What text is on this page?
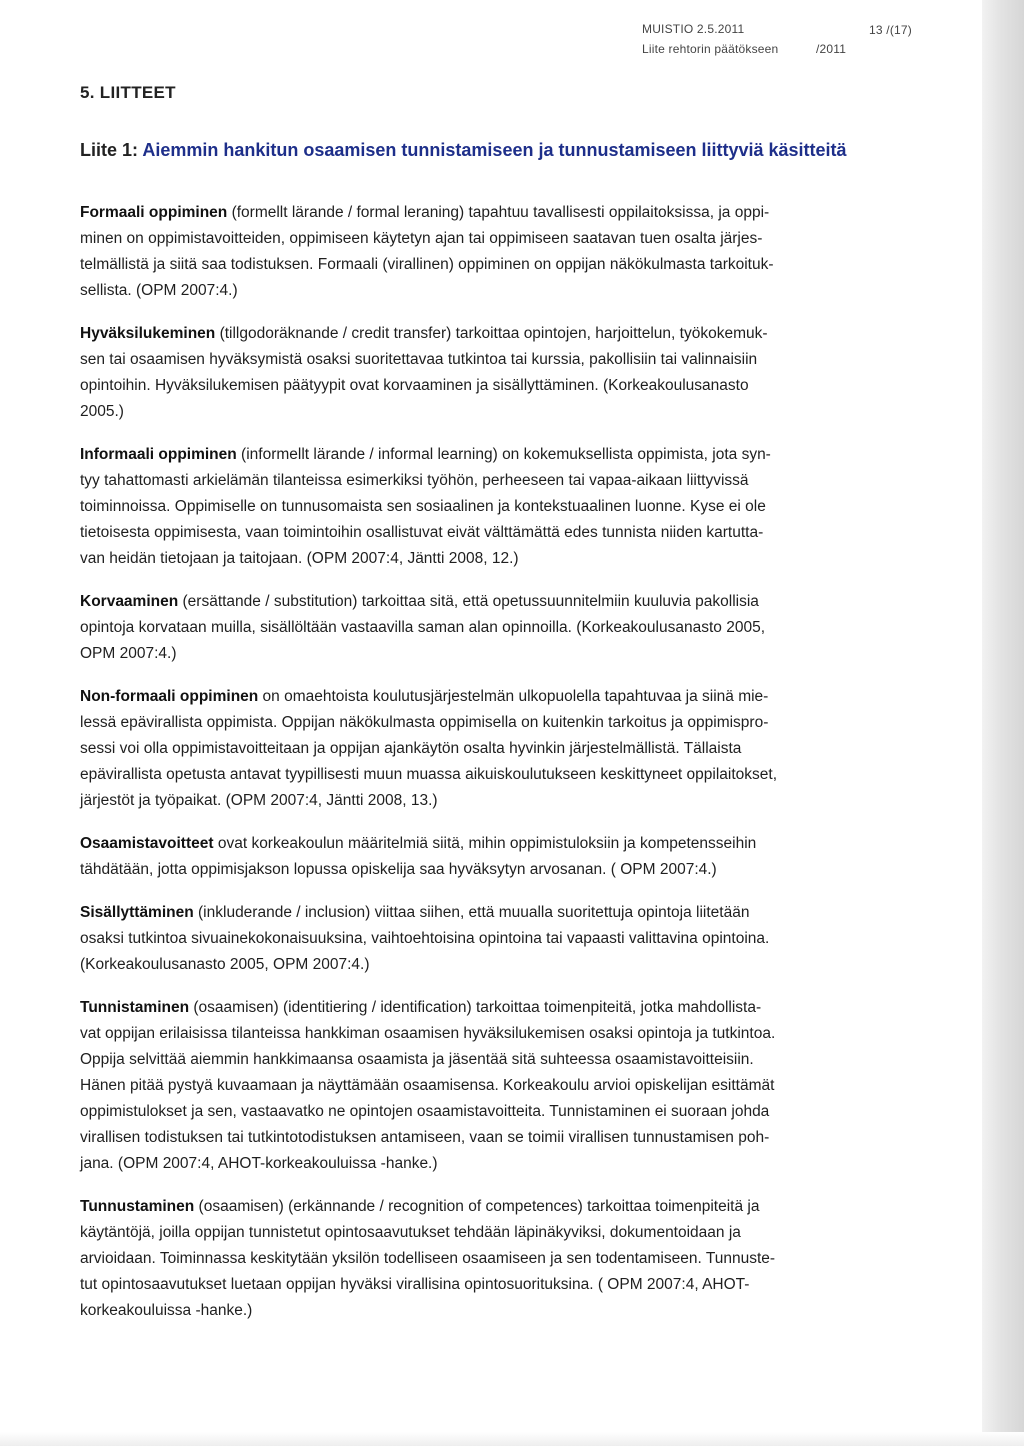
MUISTIO 2.5.2011	13 /(17)
Liite rehtorin päätökseen	/2011
5. LIITTEET
Liite 1: Aiemmin hankitun osaamisen tunnistamiseen ja tunnustamiseen liittyviä käsitteitä

Formaali oppiminen (formellt lärande / formal leraning) tapahtuu tavallisesti oppilaitoksissa, ja oppi-
minen on oppimistavoitteiden, oppimiseen käytetyn ajan tai oppimiseen saatavan tuen osalta järjes-
telmällistä ja siitä saa todistuksen. Formaali (virallinen) oppiminen on oppijan näkökulmasta tarkoituk-
sellista. (OPM 2007:4.)

Hyväksilukeminen (tillgodoräknande / credit transfer) tarkoittaa opintojen, harjoittelun, työkokemuk-
sen tai osaamisen hyväksymistä osaksi suoritettavaa tutkintoa tai kurssia, pakollisiin tai valinnaisiin
opintoihin. Hyväksilukemisen päätyypit ovat korvaaminen ja sisällyttäminen. (Korkeakoulusanasto
2005.)

Informaali oppiminen (informellt lärande / informal learning) on kokemuksellista oppimista, jota syn-
tyy tahattomasti arkielämän tilanteissa esimerkiksi työhön, perheeseen tai vapaa-aikaan liittyvissä
toiminnoissa. Oppimiselle on tunnusomaista sen sosiaalinen ja kontekstuaalinen luonne. Kyse ei ole
tietoisesta oppimisesta, vaan toimintoihin osallistuvat eivät välttämättä edes tunnista niiden kartutta-
van heidän tietojaan ja taitojaan. (OPM 2007:4, Jäntti 2008, 12.)

Korvaaminen (ersättande / substitution) tarkoittaa sitä, että opetussuunnitelmiin kuuluvia pakollisia
opintoja korvataan muilla, sisällöltään vastaavilla saman alan opinnoilla. (Korkeakoulusanasto 2005,
OPM 2007:4.)

Non-formaali oppiminen on omaehtoista koulutusjärjestelmän ulkopuolella tapahtuvaa ja siinä mie-
lessä epävirallista oppimista. Oppijan näkökulmasta oppimisella on kuitenkin tarkoitus ja oppimispro-
sessi voi olla oppimistavoitteitaan ja oppijan ajankäytön osalta hyvinkin järjestelmällistä. Tällaista
epävirallista opetusta antavat tyypillisesti muun muassa aikuiskoulutukseen keskittyneet oppilaitokset,
järjestöt ja työpaikat. (OPM 2007:4, Jäntti 2008, 13.)

Osaamistavoitteet ovat korkeakoulun määritelmiä siitä, mihin oppimistuloksiin ja kompetensseihin
tähdätään, jotta oppimisjakson lopussa opiskelija saa hyväksytyn arvosanan. ( OPM 2007:4.)

Sisällyttäminen (inkluderande / inclusion) viittaa siihen, että muualla suoritettuja opintoja liitetään
osaksi tutkintoa sivuainekokonaisuuksina, vaihtoehtoisina opintoina tai vapaasti valittavina opintoina.
(Korkeakoulusanasto 2005, OPM 2007:4.)

Tunnistaminen (osaamisen) (identitiering / identification) tarkoittaa toimenpiteitä, jotka mahdollista-
vat oppijan erilaisissa tilanteissa hankkiman osaamisen hyväksilukemisen osaksi opintoja ja tutkintoa.
Oppija selvittää aiemmin hankkimaansa osaamista ja jäsentää sitä suhteessa osaamistavoitteisiin.
Hänen pitää pystyä kuvaamaan ja näyttämään osaamisensa. Korkeakoulu arvioi opiskelijan esittämät
oppimistulokset ja sen, vastaavatko ne opintojen osaamistavoitteita. Tunnistaminen ei suoraan johda
virallisen todistuksen tai tutkintotodistuksen antamiseen, vaan se toimii virallisen tunnustamisen poh-
jana. (OPM 2007:4, AHOT-korkeakouluissa -hanke.)

Tunnustaminen (osaamisen) (erkännande / recognition of competences) tarkoittaa toimenpiteitä ja
käytäntöjä, joilla oppijan tunnistetut opintosaavutukset tehdään läpinäkyviksi, dokumentoidaan ja
arvioidaan. Toiminnassa keskitytään yksilön todelliseen osaamiseen ja sen todentamiseen. Tunnuste-
tut opintosaavutukset luetaan oppijan hyväksi virallisina opintosuorituksina. ( OPM 2007:4, AHOT-
korkeakouluissa -hanke.)
